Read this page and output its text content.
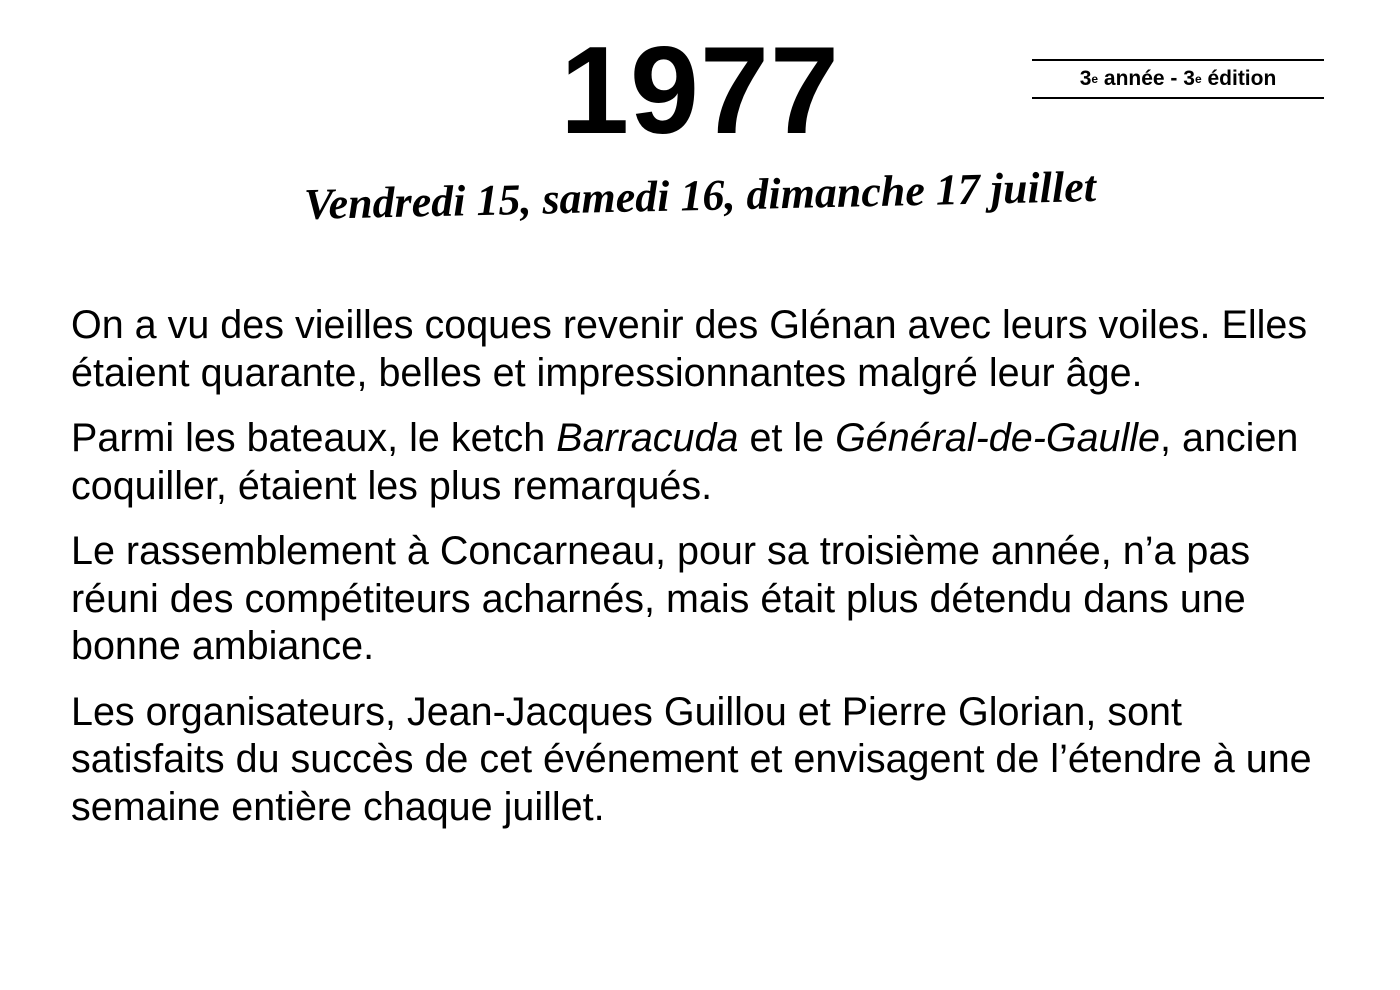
1977	3 e année - 3 e édition
Vendredi 15, samedi 16, dimanche 17 juillet

On a vu des vieilles coques revenir des Glénan avec leurs voiles. Elles étaient quarante, belles et impressionnantes malgré leur âge.

Parmi les bateaux, le ketch Barracuda et le Général-de-Gaulle, ancien coquiller, étaient les plus remarqués.

Le rassemblement à Concarneau, pour sa troisième année, n’a pas réuni des compétiteurs acharnés, mais était plus détendu dans une bonne ambiance.

Les organisateurs, Jean-Jacques Guillou et Pierre Glorian, sont satisfaits du succès de cet événement et envisagent de l’étendre à une semaine entière chaque juillet.
